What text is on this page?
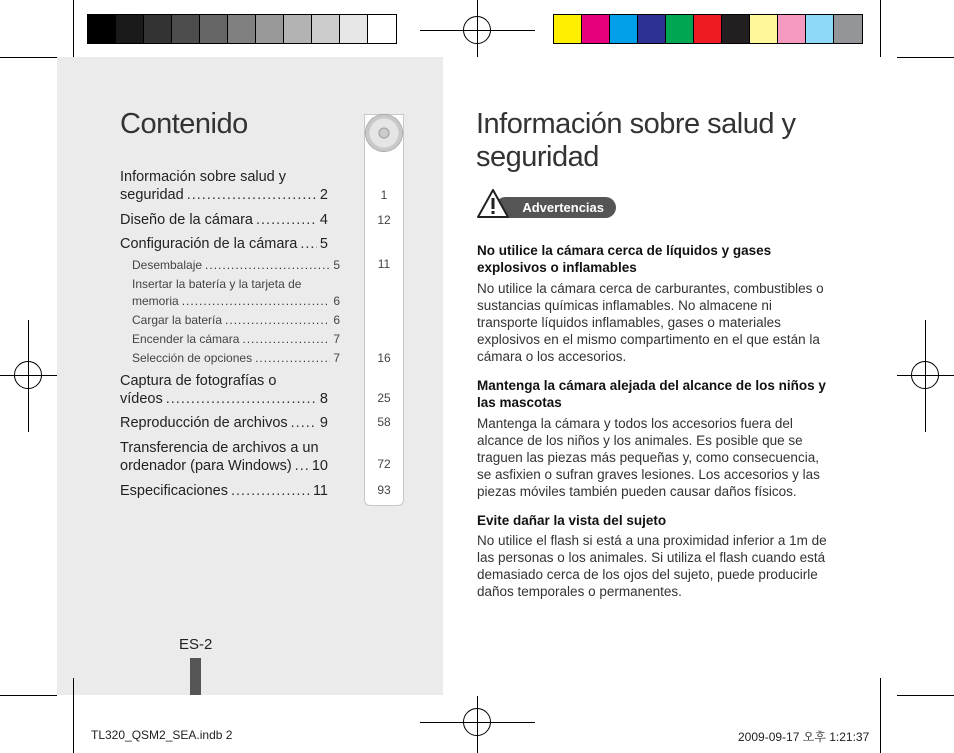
Contenido
Información sobre salud y
seguridad .....	2
Diseño de la cámara .....	4
Configuración de la cámara ..... 5
Desembalaje .....	5
Insertar la batería y la tarjeta de
memoria .....	6
Cargar la batería .....	6
Encender la cámara .....	7
Selección de opciones .....	7
Captura de fotografías o
vídeos .....	8
Reproducción de archivos ..... 9
Transferencia de archivos a un
ordenador (para Windows) ..... 10
Especificaciones .....	11
1
12
11
16
25
58
72
93
ES-2
Información sobre salud y seguridad
Advertencias
No utilice la cámara cerca de líquidos y gases explosivos o inflamables
No utilice la cámara cerca de carburantes, combustibles o sustancias químicas inflamables. No almacene ni transporte líquidos inflamables, gases o materiales explosivos en el mismo compartimento en el que están la cámara o los accesorios.
Mantenga la cámara alejada del alcance de los niños y las mascotas
Mantenga la cámara y todos los accesorios fuera del alcance de los niños y los animales. Es posible que se traguen las piezas más pequeñas y, como consecuencia, se asfixien o sufran graves lesiones. Los accesorios y las piezas móviles también pueden causar daños físicos.
Evite dañar la vista del sujeto
No utilice el flash si está a una proximidad inferior a 1m de las personas o los animales. Si utiliza el flash cuando está demasiado cerca de los ojos del sujeto, puede producirle daños temporales o permanentes.
TL320_QSM2_SEA.indb 2	2009-09-17 오후 1:21:37
